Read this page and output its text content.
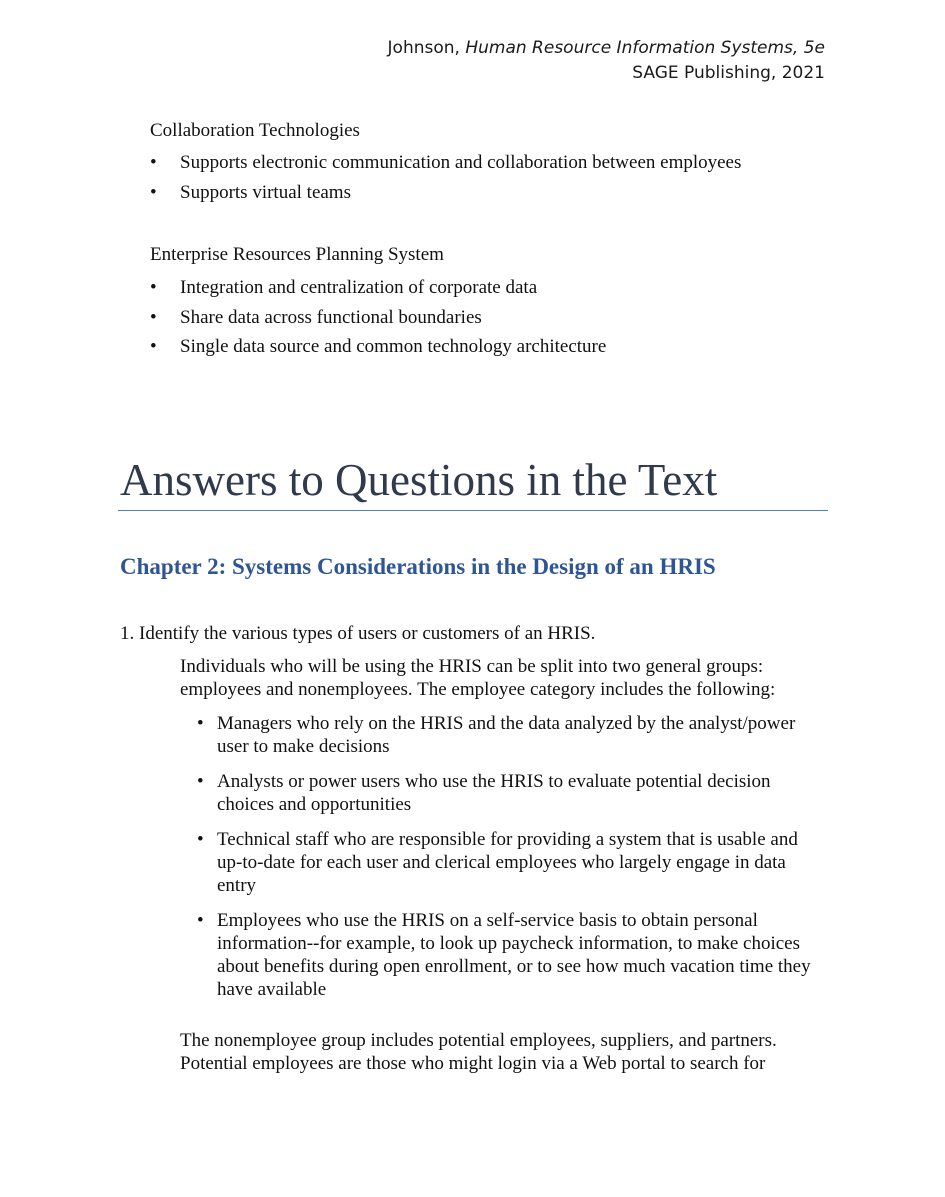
Johnson, Human Resource Information Systems, 5e
SAGE Publishing, 2021
Collaboration Technologies
• Supports electronic communication and collaboration between employees
• Supports virtual teams
Enterprise Resources Planning System
• Integration and centralization of corporate data
• Share data across functional boundaries
• Single data source and common technology architecture
Answers to Questions in the Text
Chapter 2: Systems Considerations in the Design of an HRIS
1. Identify the various types of users or customers of an HRIS.
Individuals who will be using the HRIS can be split into two general groups: employees and nonemployees. The employee category includes the following:
• Managers who rely on the HRIS and the data analyzed by the analyst/power user to make decisions
• Analysts or power users who use the HRIS to evaluate potential decision choices and opportunities
• Technical staff who are responsible for providing a system that is usable and up-to-date for each user and clerical employees who largely engage in data entry
• Employees who use the HRIS on a self-service basis to obtain personal information--for example, to look up paycheck information, to make choices about benefits during open enrollment, or to see how much vacation time they have available
The nonemployee group includes potential employees, suppliers, and partners. Potential employees are those who might login via a Web portal to search for
